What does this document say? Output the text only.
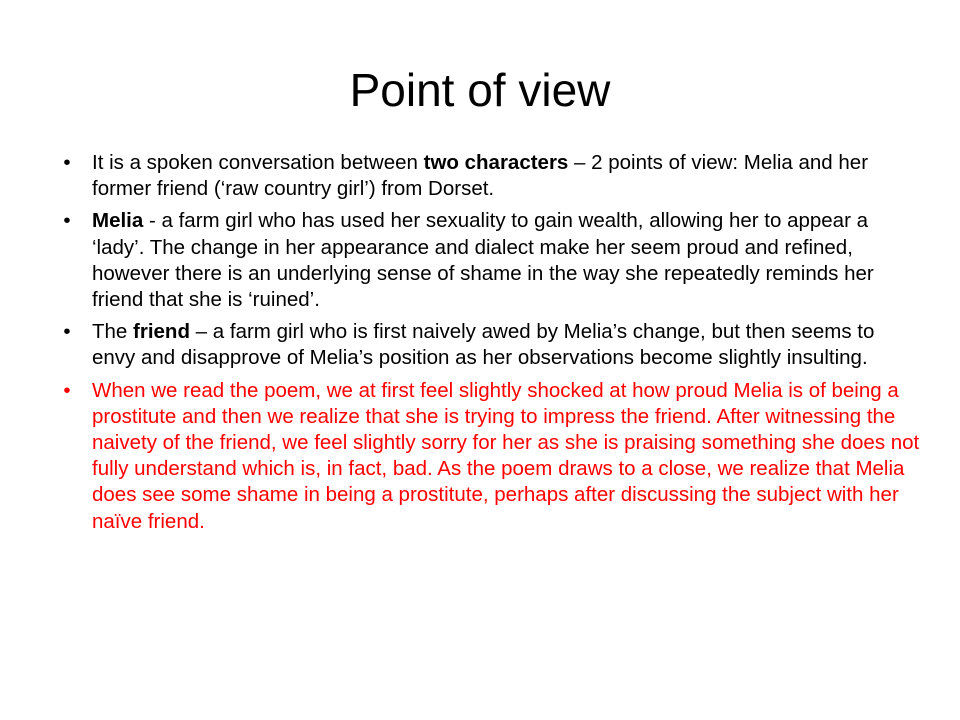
Point of view
• It is a spoken conversation between two characters – 2 points of view: Melia and her former friend (‘raw country girl’) from Dorset.
• Melia - a farm girl who has used her sexuality to gain wealth, allowing her to appear a ‘lady’. The change in her appearance and dialect make her seem proud and refined, however there is an underlying sense of shame in the way she repeatedly reminds her friend that she is ‘ruined’.
• The friend – a farm girl who is first naively awed by Melia’s change, but then seems to envy and disapprove of Melia’s position as her observations become slightly insulting.
• When we read the poem, we at first feel slightly shocked at how proud Melia is of being a prostitute and then we realize that she is trying to impress the friend. After witnessing the naivety of the friend, we feel slightly sorry for her as she is praising something she does not fully understand which is, in fact, bad. As the poem draws to a close, we realize that Melia does see some shame in being a prostitute, perhaps after discussing the subject with her naïve friend.
